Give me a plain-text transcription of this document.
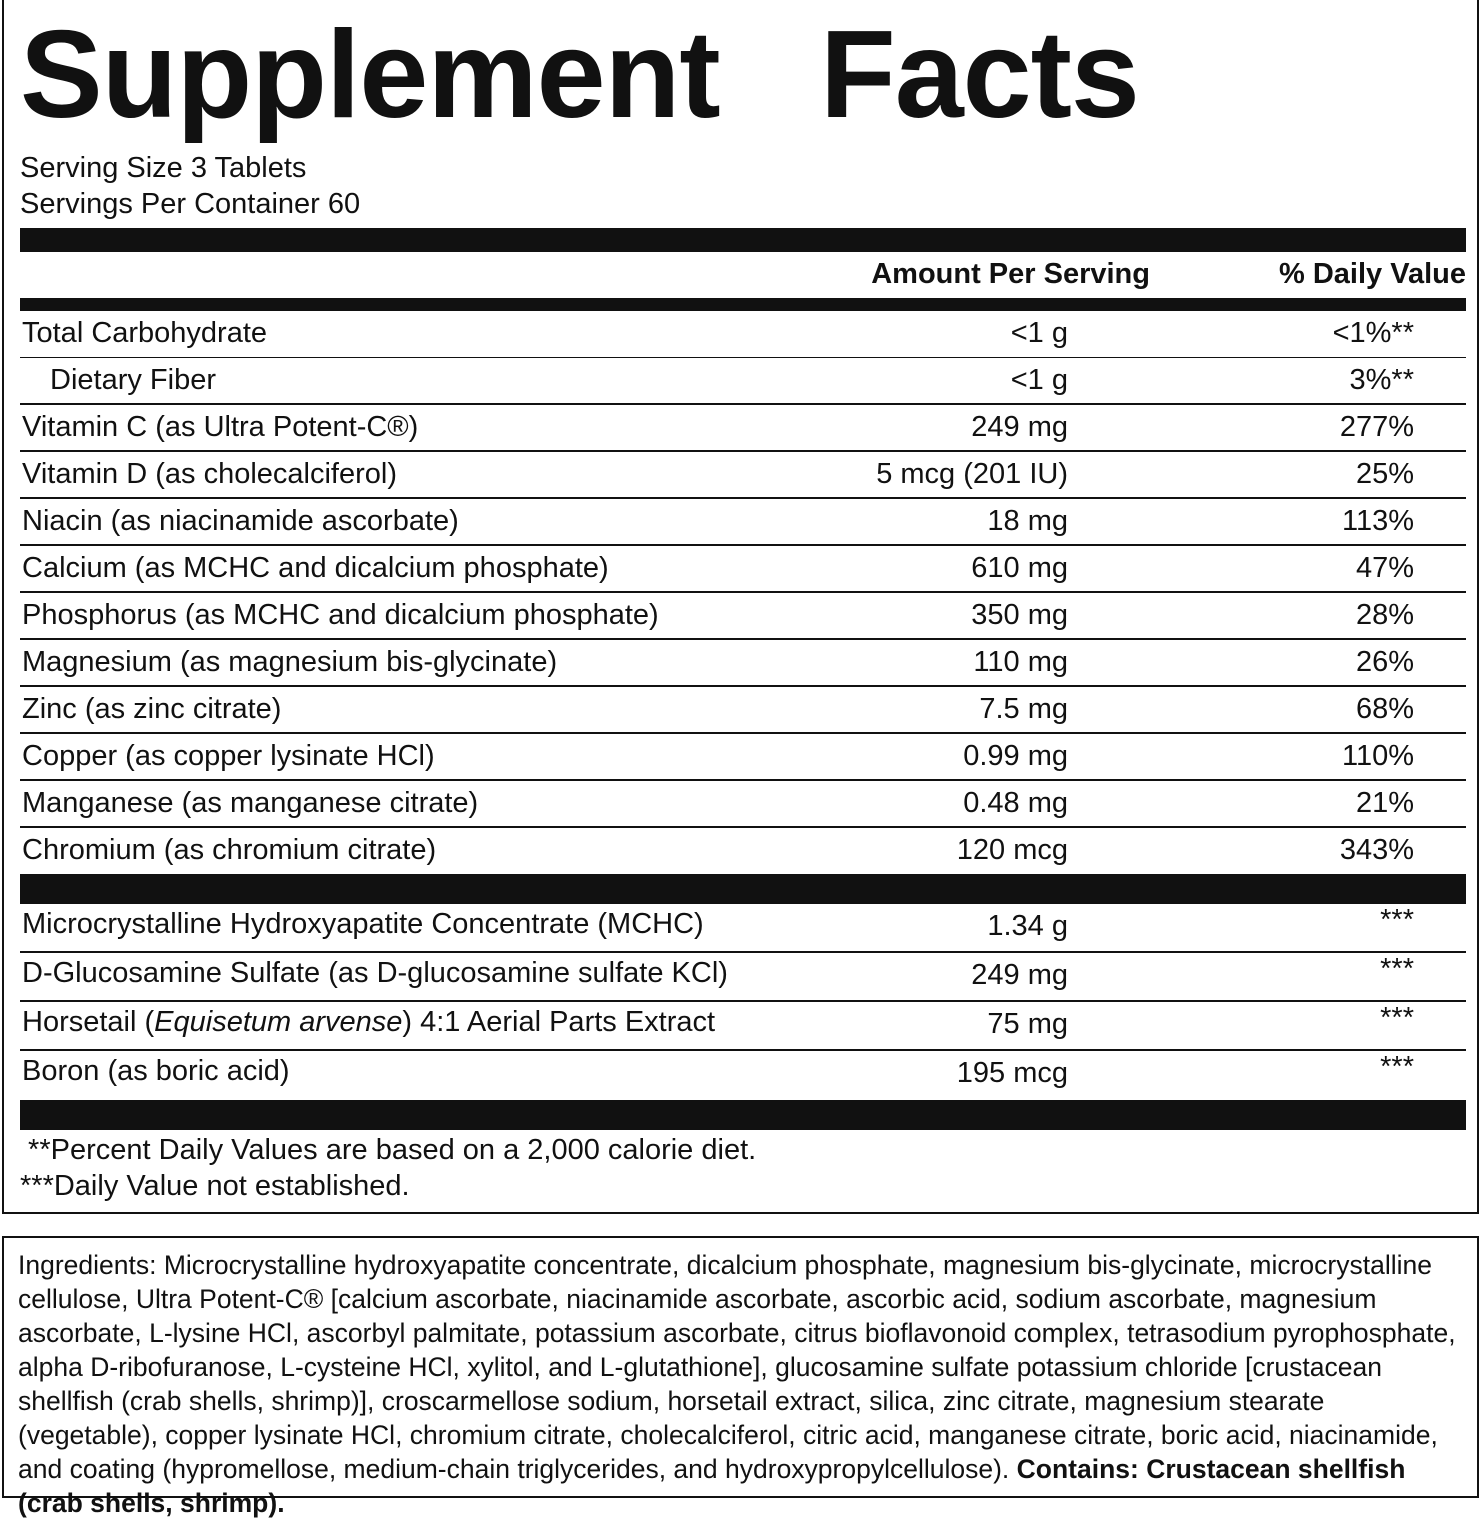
Supplement   Facts
Serving Size 3 Tablets
Servings Per Container 60
Amount Per Serving	% Daily Value
Total Carbohydrate	<1 g	<1%**
Dietary Fiber	<1 g	3%**
Vitamin C (as Ultra Potent-C®)	249 mg	277%
Vitamin D (as cholecalciferol)	5 mcg (201 IU)	25%
Niacin (as niacinamide ascorbate)	18 mg	113%
Calcium (as MCHC and dicalcium phosphate)	610 mg	47%
Phosphorus (as MCHC and dicalcium phosphate)	350 mg	28%
Magnesium (as magnesium bis-glycinate)	110 mg	26%
Zinc (as zinc citrate)	7.5 mg	68%
Copper (as copper lysinate HCl)	0.99 mg	110%
Manganese (as manganese citrate)	0.48 mg	21%
Chromium (as chromium citrate)	120 mcg	343%
Microcrystalline Hydroxyapatite Concentrate (MCHC)	1.34 g	***
D-Glucosamine Sulfate (as D-glucosamine sulfate KCl)	249 mg	***
Horsetail (Equisetum arvense) 4:1 Aerial Parts Extract	75 mg	***
Boron (as boric acid)	195 mcg	***
**Percent Daily Values are based on a 2,000 calorie diet.
***Daily Value not established.
Ingredients: Microcrystalline hydroxyapatite concentrate, dicalcium phosphate, magnesium bis-glycinate, microcrystalline cellulose, Ultra Potent-C® [calcium ascorbate, niacinamide ascorbate, ascorbic acid, sodium ascorbate, magnesium ascorbate, L-lysine HCl, ascorbyl palmitate, potassium ascorbate, citrus bioflavonoid complex, tetrasodium pyrophosphate, alpha D-ribofuranose, L-cysteine HCl, xylitol, and L-glutathione], glucosamine sulfate potassium chloride [crustacean shellfish (crab shells, shrimp)], croscarmellose sodium, horsetail extract, silica, zinc citrate, magnesium stearate (vegetable), copper lysinate HCl, chromium citrate, cholecalciferol, citric acid, manganese citrate, boric acid, niacinamide, and coating (hypromellose, medium-chain triglycerides, and hydroxypropylcellulose). Contains: Crustacean shellfish (crab shells, shrimp).
